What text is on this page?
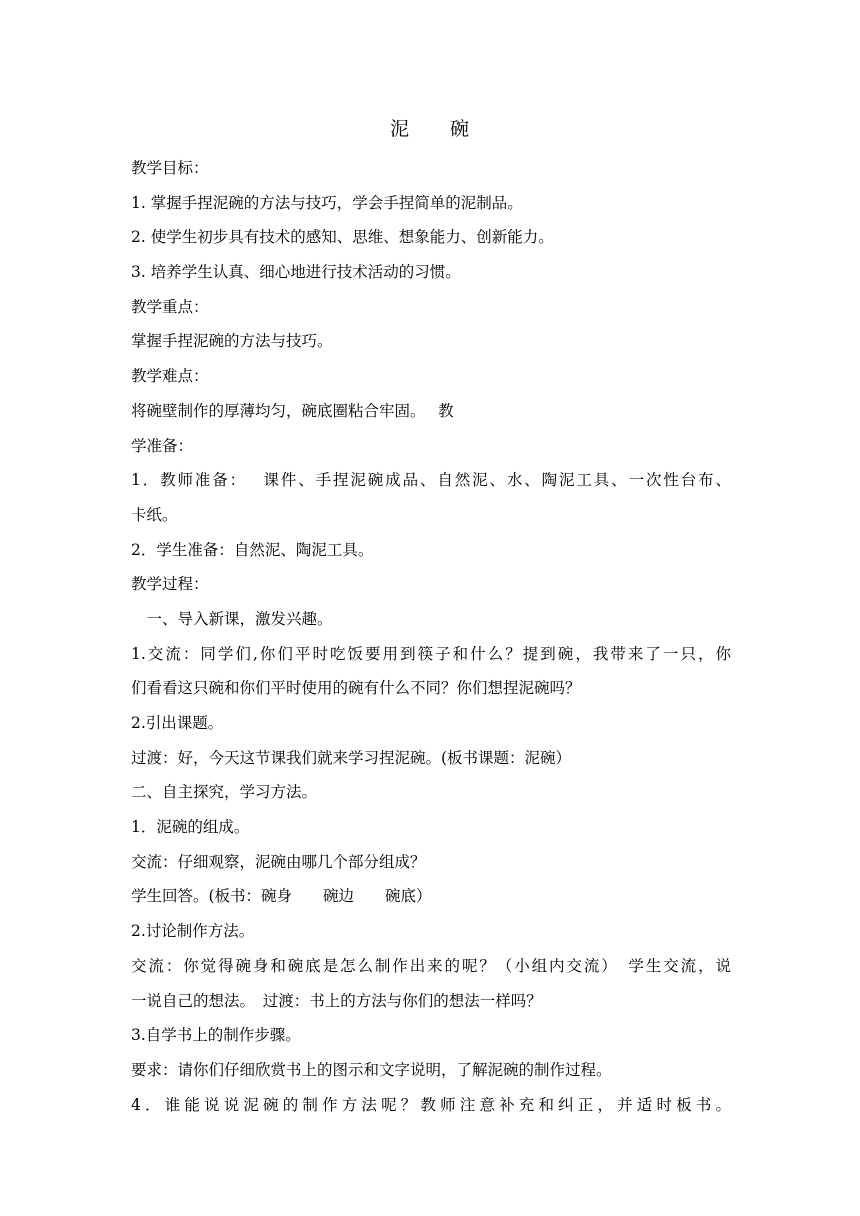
泥　　碗
教学目标：
1. 掌握手捏泥碗的方法与技巧，学会手捏简单的泥制品。
2. 使学生初步具有技术的感知、思维、想象能力、创新能力。
3. 培养学生认真、细心地进行技术活动的习惯。
教学重点：
掌握手捏泥碗的方法与技巧。
教学难点：
将碗壁制作的厚薄均匀，碗底圈粘合牢固。　 教
学准备：
1．教师准备：　 课件、手捏泥碗成品、自然泥、水、陶泥工具、一次性台布、
卡纸。
2．学生准备：自然泥、陶泥工具。
教学过程：
　一、导入新课，激发兴趣。
1.交流：同学们,你们平时吃饭要用到筷子和什么？提到碗，我带来了一只，你
们看看这只碗和你们平时使用的碗有什么不同？你们想捏泥碗吗？
2.引出课题。
过渡：好，今天这节课我们就来学习捏泥碗。(板书课题：泥碗）
二、自主探究，学习方法。
1．泥碗的组成。
交流：仔细观察，泥碗由哪几个部分组成？
学生回答。(板书：碗身　　碗边　　碗底）
2.讨论制作方法。
交流：你觉得碗身和碗底是怎么制作出来的呢？（小组内交流）　学生交流，说
一说自己的想法。　过渡：书上的方法与你们的想法一样吗？
3.自学书上的制作步骤。
要求：请你们仔细欣赏书上的图示和文字说明，了解泥碗的制作过程。
4．谁能说说泥碗的制作方法呢？教师注意补充和纠正，并适时板书。
